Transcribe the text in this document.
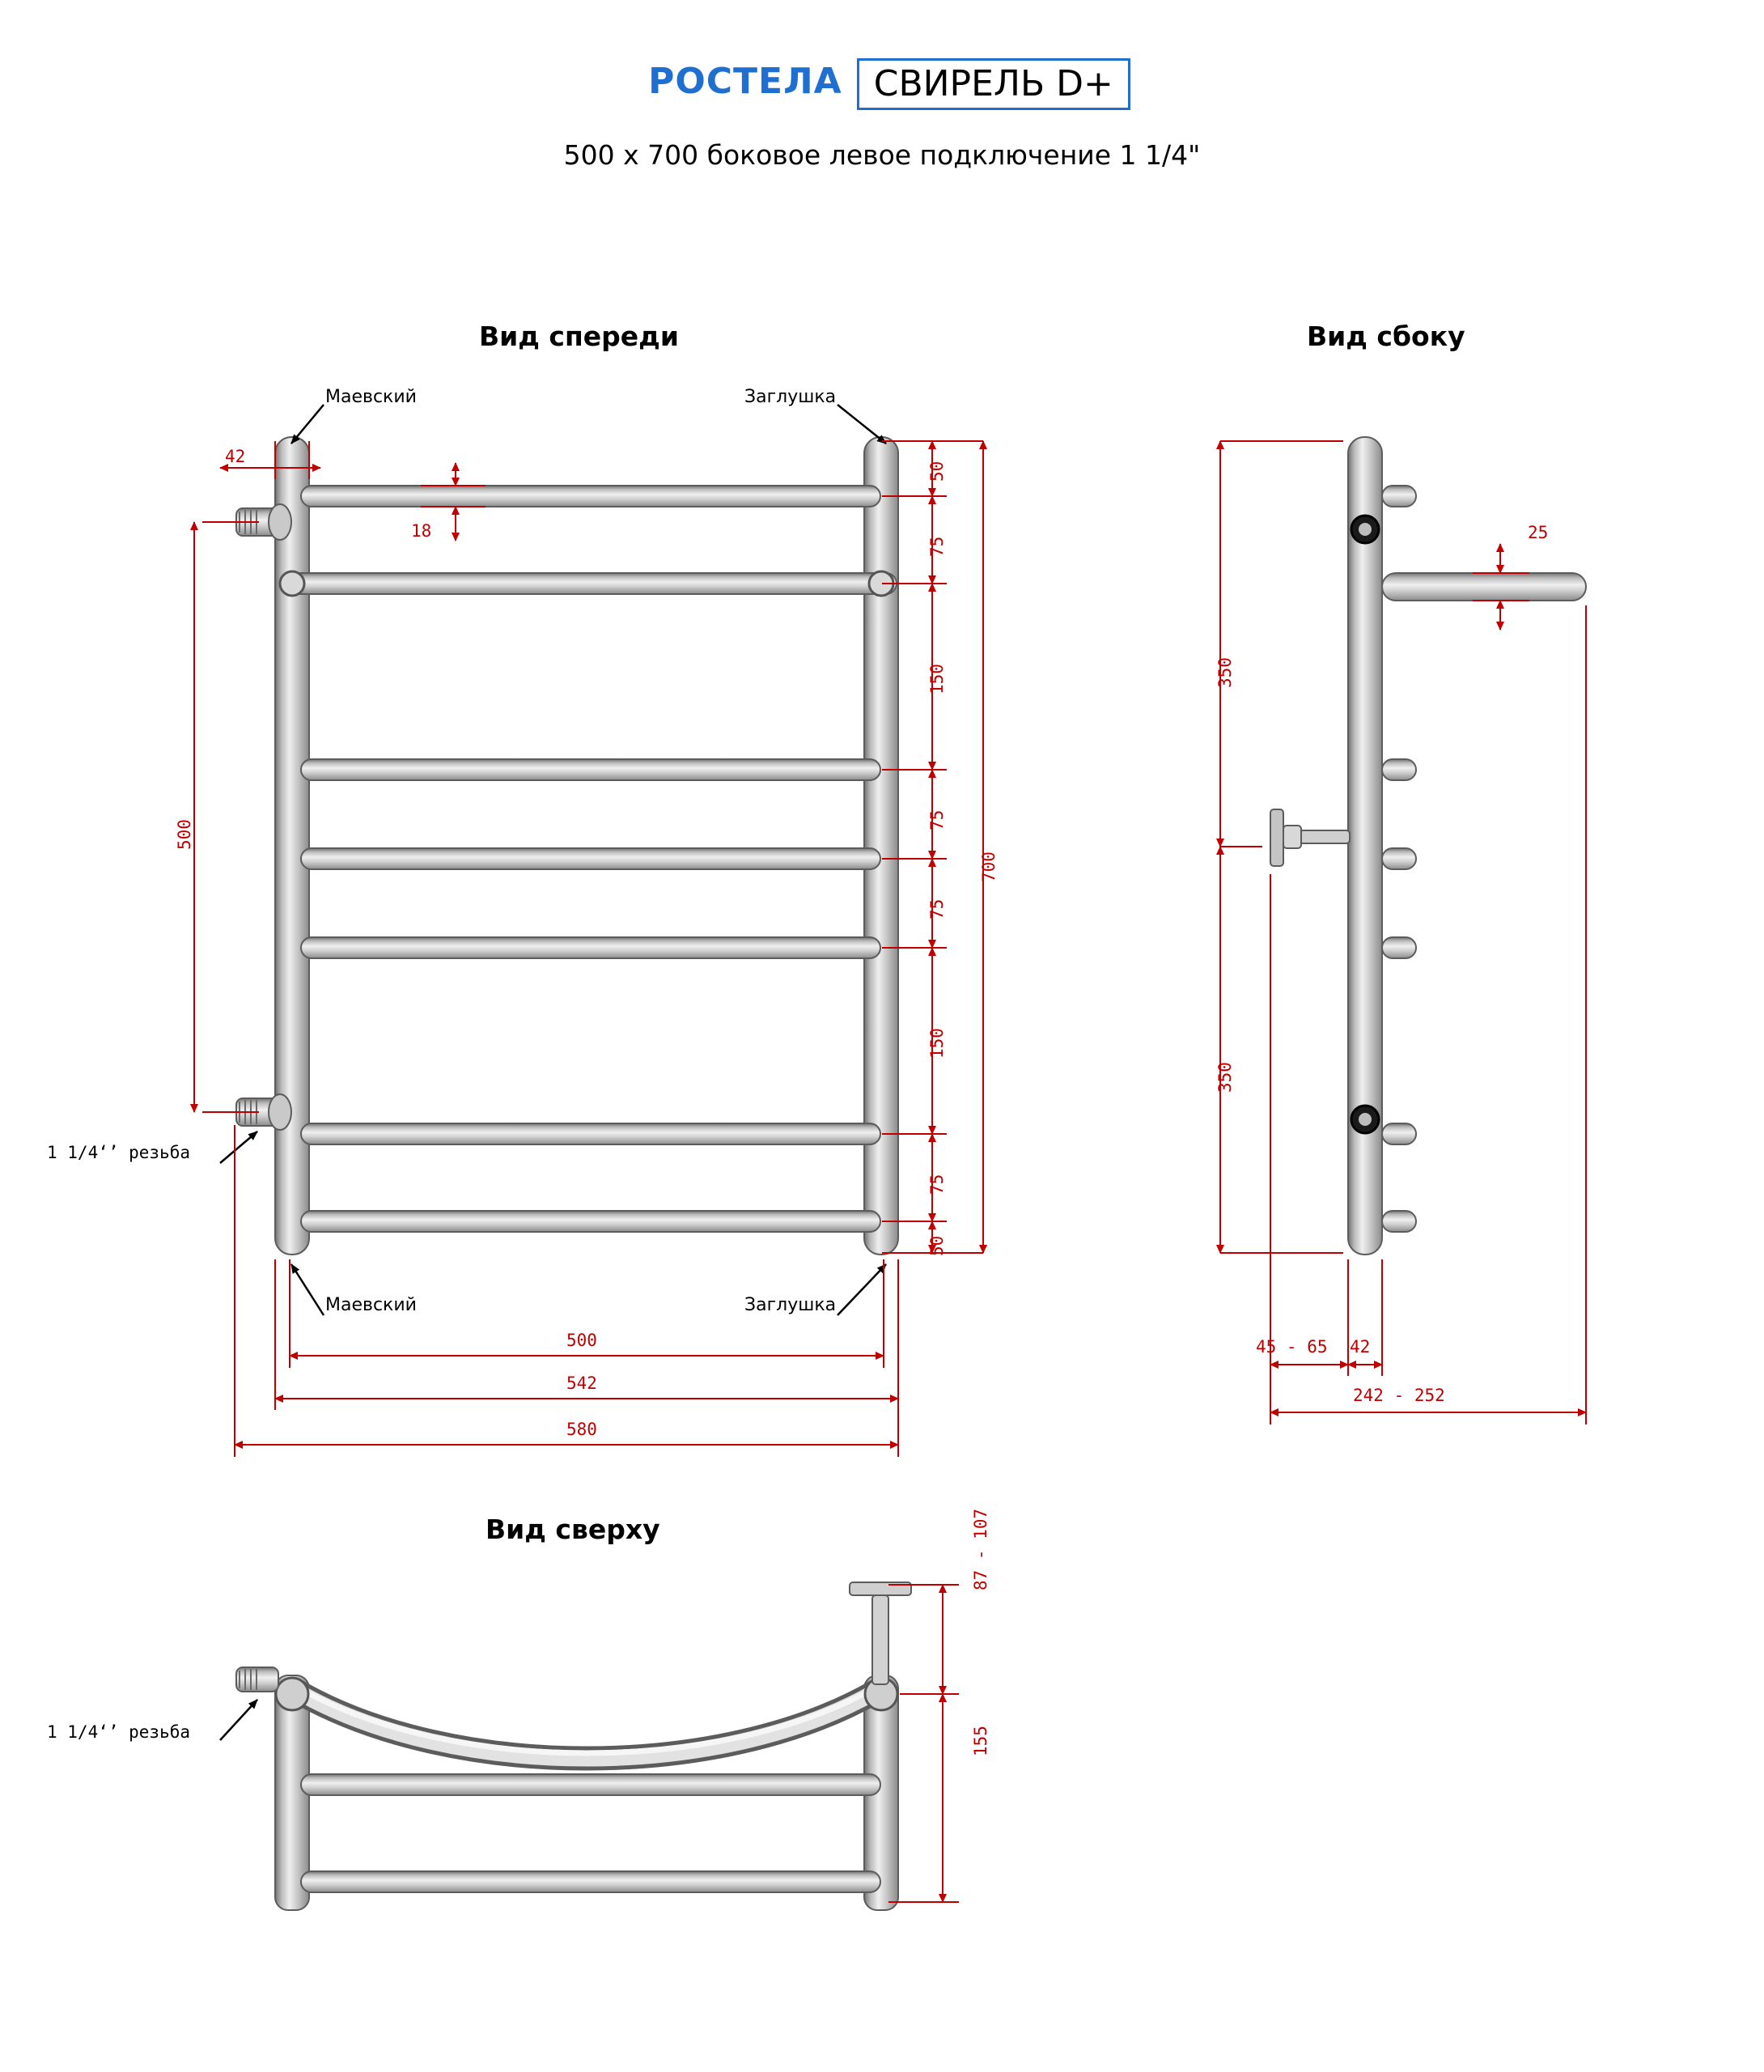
РОСТЕЛА СВИРЕЛЬ D+
500 х 700 боковое левое подключение 1 1/4"
Вид спереди	Вид сбоку
Вид сверху
Маевский	Заглушка
Маевский	Заглушка
1 1/4‘’ резьба
42
18
500
50
75
150
75
75
150
75
50
700
500
542
580
25
350
350
45 - 65 42
242 - 252
1 1/4‘’ резьба
87 - 107
155
